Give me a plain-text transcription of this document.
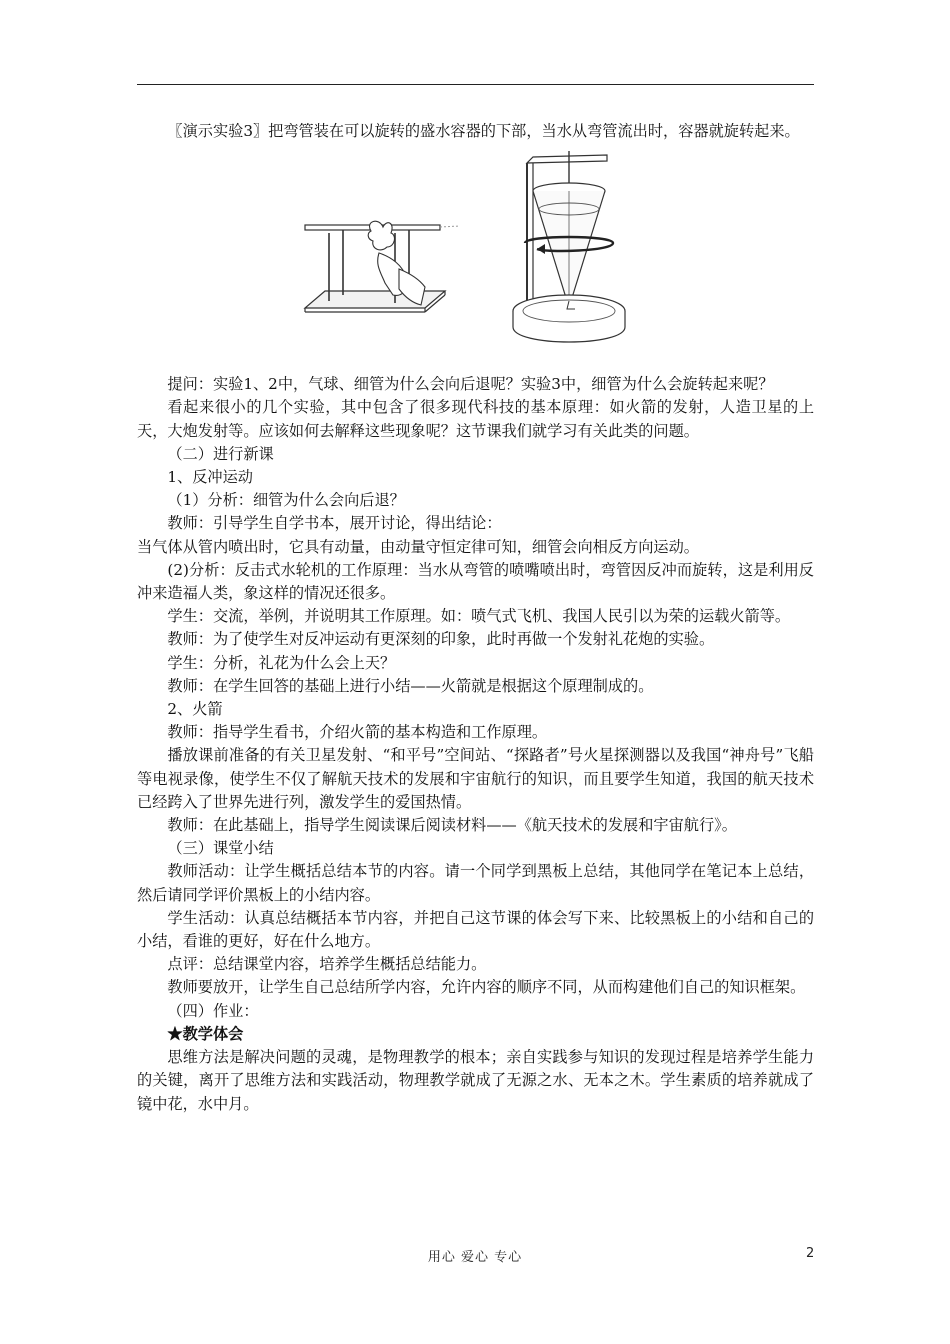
〖演示实验3〗把弯管装在可以旋转的盛水容器的下部，当水从弯管流出时，容器就旋转起来。

提问：实验1、2中，气球、细管为什么会向后退呢？实验3中，细管为什么会旋转起来呢？

看起来很小的几个实验，其中包含了很多现代科技的基本原理：如火箭的发射，人造卫星的上天，大炮发射等。应该如何去解释这些现象呢？这节课我们就学习有关此类的问题。

（二）进行新课

1、反冲运动

（1）分析：细管为什么会向后退？

教师：引导学生自学书本，展开讨论，得出结论：

当气体从管内喷出时，它具有动量，由动量守恒定律可知，细管会向相反方向运动。

(2)分析：反击式水轮机的工作原理：当水从弯管的喷嘴喷出时，弯管因反冲而旋转，这是利用反冲来造福人类，象这样的情况还很多。

学生：交流，举例，并说明其工作原理。如：喷气式飞机、我国人民引以为荣的运载火箭等。

教师：为了使学生对反冲运动有更深刻的印象，此时再做一个发射礼花炮的实验。

学生：分析，礼花为什么会上天？

教师：在学生回答的基础上进行小结——火箭就是根据这个原理制成的。

2、火箭

教师：指导学生看书，介绍火箭的基本构造和工作原理。

播放课前准备的有关卫星发射、“和平号”空间站、“探路者”号火星探测器以及我国“神舟号”飞船等电视录像，使学生不仅了解航天技术的发展和宇宙航行的知识，而且要学生知道，我国的航天技术已经跨入了世界先进行列，激发学生的爱国热情。

教师：在此基础上，指导学生阅读课后阅读材料——《航天技术的发展和宇宙航行》。

（三）课堂小结

教师活动：让学生概括总结本节的内容。请一个同学到黑板上总结，其他同学在笔记本上总结，然后请同学评价黑板上的小结内容。

学生活动：认真总结概括本节内容，并把自己这节课的体会写下来、比较黑板上的小结和自己的小结，看谁的更好，好在什么地方。

点评：总结课堂内容，培养学生概括总结能力。

教师要放开，让学生自己总结所学内容，允许内容的顺序不同，从而构建他们自己的知识框架。

（四）作业：

★教学体会

思维方法是解决问题的灵魂，是物理教学的根本；亲自实践参与知识的发现过程是培养学生能力的关键，离开了思维方法和实践活动，物理教学就成了无源之水、无本之木。学生素质的培养就成了镜中花，水中月。

用心 爱心 专心	2
